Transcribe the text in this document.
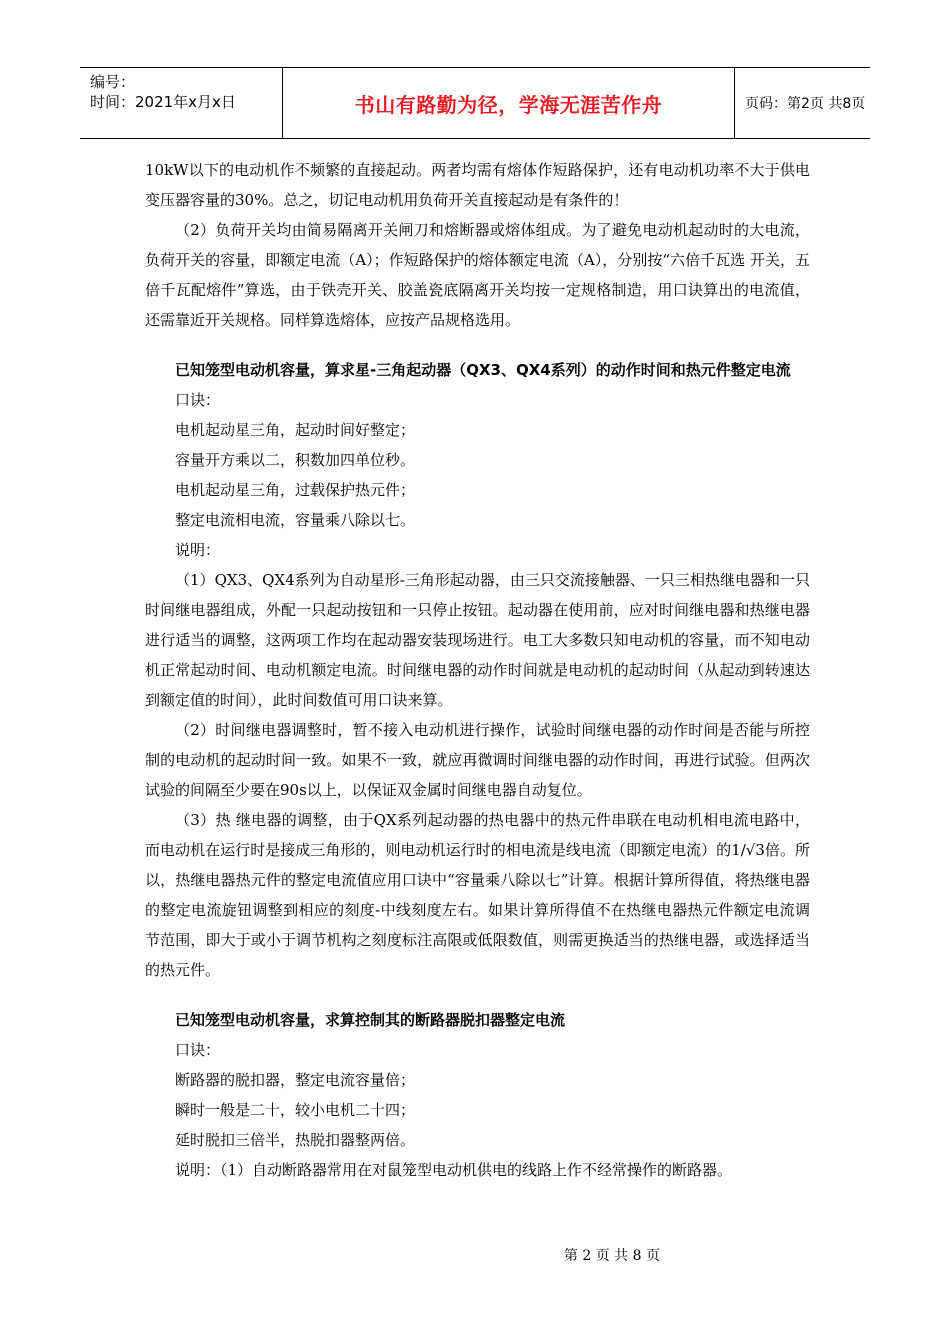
编号：
时间：2021年x月x日	书山有路勤为径，学海无涯苦作舟	页码：第2页 共8页

10kW以下的电动机作不频繁的直接起动。两者均需有熔体作短路保护，还有电动机功率不大于供电变压器容量的30%。总之，切记电动机用负荷开关直接起动是有条件的！

（2）负荷开关均由简易隔离开关闸刀和熔断器或熔体组成。为了避免电动机起动时的大电流，负荷开关的容量，即额定电流（A）；作短路保护的熔体额定电流（A），分别按“六倍千瓦选 开关，五倍千瓦配熔件”算选，由于铁壳开关、胶盖瓷底隔离开关均按一定规格制造，用口诀算出的电流值，还需靠近开关规格。同样算选熔体，应按产品规格选用。

已知笼型电动机容量，算求星-三角起动器（QX3、QX4系列）的动作时间和热元件整定电流

口诀：

电机起动星三角，起动时间好整定；

容量开方乘以二，积数加四单位秒。

电机起动星三角，过载保护热元件；

整定电流相电流，容量乘八除以七。

说明：

（1）QX3、QX4系列为自动星形-三角形起动器，由三只交流接触器、一只三相热继电器和一只时间继电器组成，外配一只起动按钮和一只停止按钮。起动器在使用前，应对时间继电器和热继电器进行适当的调整，这两项工作均在起动器安装现场进行。电工大多数只知电动机的容量，而不知电动机正常起动时间、电动机额定电流。时间继电器的动作时间就是电动机的起动时间（从起动到转速达到额定值的时间），此时间数值可用口诀来算。

（2）时间继电器调整时，暂不接入电动机进行操作，试验时间继电器的动作时间是否能与所控制的电动机的起动时间一致。如果不一致，就应再微调时间继电器的动作时间，再进行试验。但两次试验的间隔至少要在90s以上，以保证双金属时间继电器自动复位。

（3）热 继电器的调整，由于QX系列起动器的热电器中的热元件串联在电动机相电流电路中，而电动机在运行时是接成三角形的，则电动机运行时的相电流是线电流（即额定电流）的1/√3倍。所以，热继电器热元件的整定电流值应用口诀中“容量乘八除以七”计算。根据计算所得值，将热继电器的整定电流旋钮调整到相应的刻度-中线刻度左右。如果计算所得值不在热继电器热元件额定电流调节范围，即大于或小于调节机构之刻度标注高限或低限数值，则需更换适当的热继电器，或选择适当的热元件。

已知笼型电动机容量，求算控制其的断路器脱扣器整定电流

口诀：

断路器的脱扣器，整定电流容量倍；

瞬时一般是二十，较小电机二十四；

延时脱扣三倍半，热脱扣器整两倍。

说明：（1）自动断路器常用在对鼠笼型电动机供电的线路上作不经常操作的断路器。

第 2 页 共 8 页
